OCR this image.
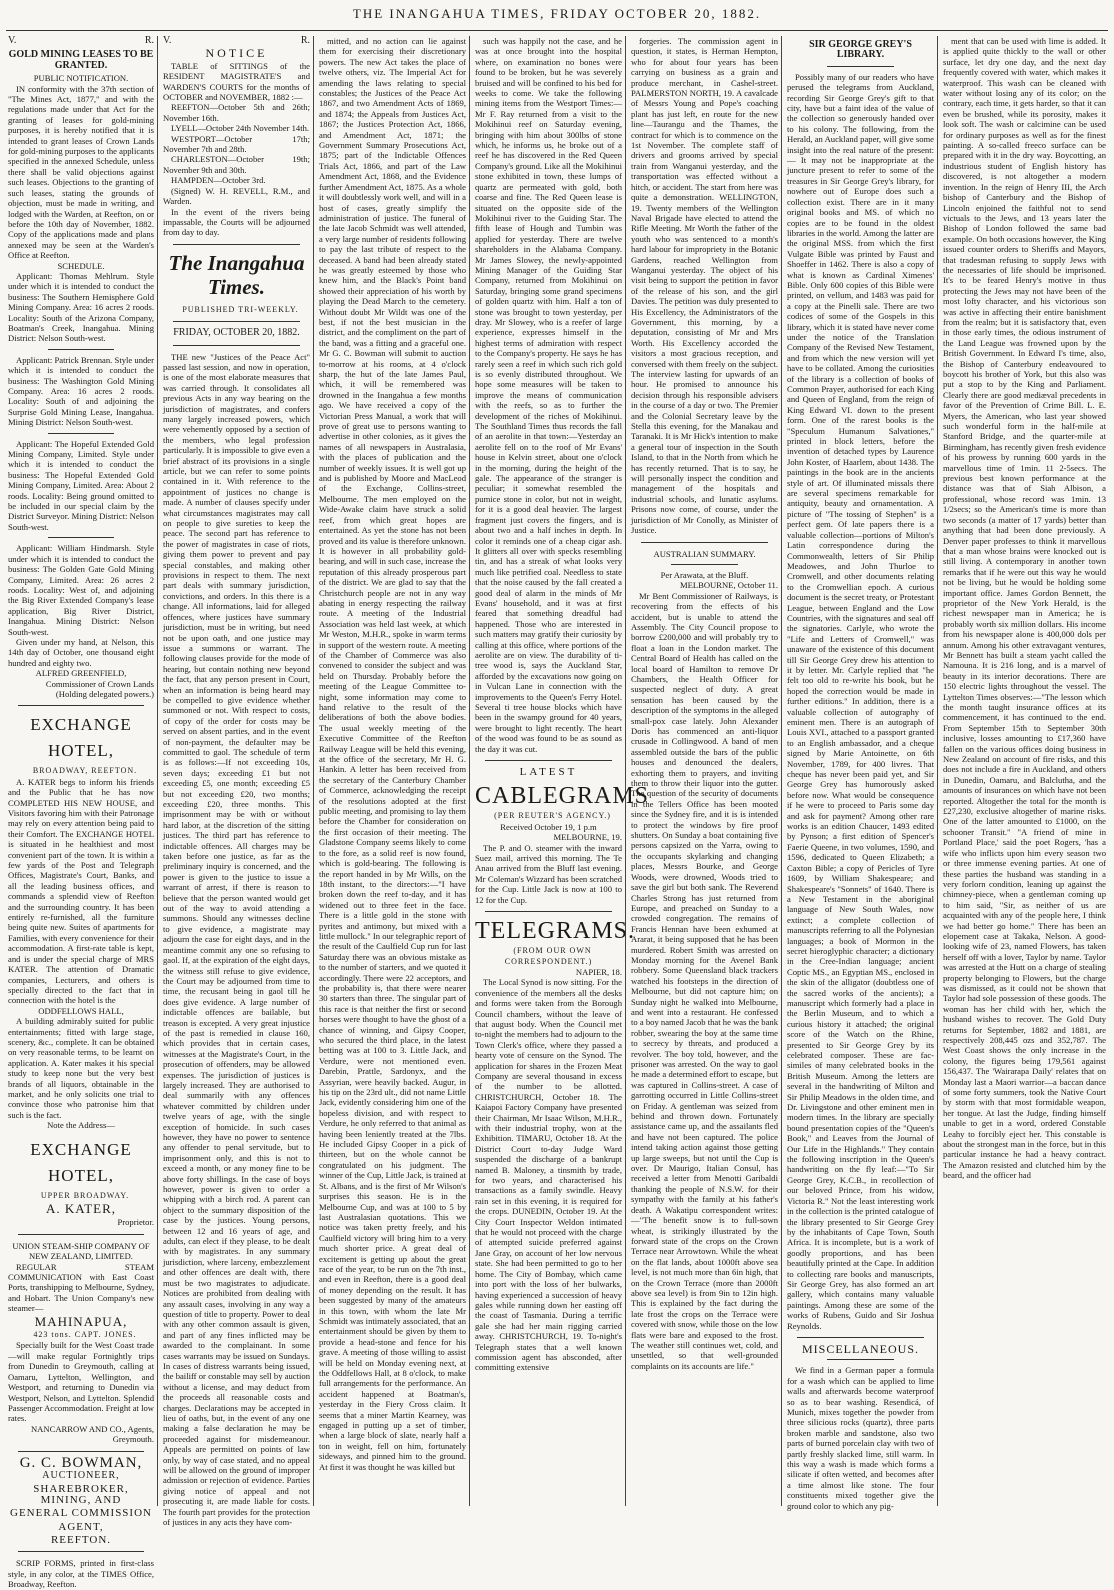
THE INANGAHUA TIMES, FRIDAY OCTOBER 20, 1882.
V.	R.
GOLD MINING LEASES TO BE GRANTED.

PUBLIC NOTIFICATION.

IN conformity with the 37th section of "The Mines Act, 1877," and with the regulations made under that Act for the granting of leases for gold-mining purposes, it is hereby notified that it is intended to grant leases of Crown Lands for gold-mining purposes to the applicants specified in the annexed Schedule, unless there shall be valid objections against such leases. Objections to the granting of such leases, stating the grounds of objection, must be made in writing, and lodged with the Warden, at Reefton, on or before the 10th day of November, 1882. Copy of the applications made and plans annexed may be seen at the Warden's Office at Reefton.

SCHEDULE.

Applicant: Thomas Mehlrum. Style under which it is intended to conduct the business: The Southern Hemisphere Gold Mining Company. Area: 16 acres 2 roods. Locality: South of the Arizona Company, Boatman's Creek, Inangahua. Mining District: Nelson South-west.

Applicant: Patrick Brennan. Style under which it is intended to conduct the business: The Washington Gold Mining Company. Area: 16 acres 2 roods. Locality: South of and adjoining the Surprise Gold Mining Lease, Inangahua. Mining District: Nelson South-west.

Applicant: The Hopeful Extended Gold Mining Company, Limited. Style under which it is intended to conduct the business: The Hopeful Extended Gold Mining Company, Limited. Area: About 2 roods. Locality: Being ground omitted to be included in our special claim by the District Surveyor. Mining District: Nelson South-west.

Applicant: William Hindmarsh. Style under which it is intended to conduct the business: The Golden Gate Gold Mining Company, Limited. Area: 26 acres 2 roods. Locality: West of, and adjoining the Big River Extended Company's lease application, Big River District, Inangahua. Mining District: Nelson South-west.

Given under my hand, at Nelson, this 14th day of October, one thousand eight hundred and eighty two.

ALFRED GREENFIELD,

Commissioner of Crown Lands (Holding delegated powers.)

EXCHANGE HOTEL,

BROADWAY, REEFTON.

A. KATER begs to inform his friends and the Public that he has now COMPLETED HIS NEW HOUSE, and Visitors favoring him with their Patronage may rely on every attention being paid to their Comfort. The EXCHANGE HOTEL is situated in he healthiest and most convenient part of the town. It is within a few yards of the Post and Telegraph Offices, Magistrate's Court, Banks, and all the leading business offices, and commands a splendid view of Reefton and the surrounding country. It has been entirely re-furnished, all the furniture being quite new. Suites of apartments for Families, with every convenience for their accommodation. A first-rate table is kept, and is under the special charge of MRS KATER. The attention of Dramatic companies, Lecturers, and others is specially directed to the fact that in connection with the hotel is the

ODDFELLOWS HALL,

A building admirably suited for public entertainments; fitted with large stage, scenery, &c., complete. It can be obtained on very reasonable terms, to be learnt on application. A. Kater makes it his special study to keep none but the very best brands of all liquors, obtainable in the market, and he only solicits one trial to convince those who patronise him that such is the fact.

Note the Address—

EXCHANGE HOTEL,

UPPER BROADWAY.

A. KATER,

Proprietor.

UNION STEAM-SHIP COMPANY OF NEW ZEALAND, LIMITED.

REGULAR STEAM COMMUNICATION with East Coast Ports, transhipping to Melbourne, Sydney, and Hobart. The Union Company's new steamer—

MAHINAPUA,

423 tons. CAPT. JONES.

Specially built for the West Coast trade—will make regular Fortnightly trips from Dunedin to Greymouth, calling at Oamaru, Lyttelton, Wellington, and Westport, and returning to Dunedin via Westport, Nelson, and Lyttelton. Splendid Passenger Accommodation. Freight at low rates.

NANCARROW AND CO., Agents, Greymouth.

G. C. BOWMAN,
AUCTIONEER,
SHAREBROKER, MINING, AND
GENERAL COMMISSION
AGENT,
REEFTON.

SCRIP FORMS, printed in first-class style, in any color, at the TIMES Office, Broadway, Reefton.

V.	R.
NOTICE

TABLE of SITTINGS of the RESIDENT MAGISTRATE'S and WARDEN'S COURTS for the months of OCTOBER and NOVEMBER, 1882 :—

REEFTON—October 5th and 26th; November 16th.

LYELL—October 24th November 14th.

WESTPORT—October 17th; November 7th and 28th.

CHARLESTON—October 19th; November 9th and 30th.

HAMPDEN—October 3rd.

(Signed) W. H. REVELL, R.M., and Warden.

In the event of the rivers being impassable, the Courts will be adjourned from day to day.

The Inangahua Times.

PUBLISHED TRI-WEEKLY.

FRIDAY, OCTOBER 20, 1882.

THE new "Justices of the Peace Act" passed last session, and now in operation, is one of the most elaborate measures that was carried through. It consolidates all previous Acts in any way bearing on the jurisdiction of magistrates, and confers many largely increased powers, which were vehemently opposed by a section of the members, who legal profession particularly. It is impossible to give even a brief abstract of its provisions in a single article, but we can refer to some points contained in it. With reference to the appointment of justices no change is made. A number of clauses specify under what circumstances magistrates may call on people to give sureties to keep the peace. The second part has reference to the power of magistrates in case of riots, giving them power to prevent and pay special constables, and making other provisions in respect to them. The next part deals with summary jurisdiction, convictions, and orders. In this there is a change. All informations, laid for alleged offences, where justices have summary jurisdiction, must be in writing, but need not be upon oath, and one justice may issue a summons or warrant. The following clauses provide for the mode of hearing, but contain nothing new beyond the fact, that any person present in Court, when an information is being heard may be compelled to give evidence whether summoned or not. With respect to costs, of copy of the order for costs may be served on absent parties, and in the event of non-payment, the defaulter may be committed to gaol. The schedule of term is as follows:—If not exceeding 10s, seven days; exceeding £1 but not exceeding £5, one month; exceeding £5 but not exceeding £20, two months; exceeding £20, three months. This imprisonment may be with or without hard labor, at the discretion of the sitting justices. The third part has reference to indictable offences. All charges may be taken before one justice, as far as the preliminary inquiry is concerned, and the power is given to the justice to issue a warrant of arrest, if there is reason to believe that the person wanted would get out of the way to avoid attending a summons. Should any witnesses decline to give evidence, a magistrate may adjourn the case for eight days, and in the meantime commit any one so refusing to gaol. If, at the expiration of the eight days, the witness still refuse to give evidence, the Court may be adjourned from time to time, the recusant being in gaol till he does give evidence. A large number of indictable offences are bailable, but treason is excepted. A very great injustice of the past is remedied in clause 160, which provides that in certain cases, witnesses at the Magistrate's Court, in the prosecution of offenders, may be allowed expenses. The jurisdiction of justices is largely increased. They are authorised to deal summarily with any offences whatever committed by children under twelve years of age, with the single exception of homicide. In such cases however, they have no power to sentence any offender to penal servitude, but to imprisonment only, and this is not to exceed a month, or any money fine to be above forty shillings. In the case of boys however, power is given to order a whipping with a birch rod. A parent can object to the summary disposition of the case by the justices. Young persons, between 12 and 16 years of age, and adults, can elect if they please, to be dealt with by magistrates. In any summary jurisdiction, where larceny, embezzlement and other offences are dealt with, there must be two magistrates to adjudicate. Notices are prohibited from dealing with any assault cases, involving in any way a question of title to property. Power to deal with any other common assault is given, and part of any fines inflicted may be awarded to the complainant. In some cases warrants may be issued on Sundays. In cases of distress warrants being issued, the bailiff or constable may sell by auction without a license, and may deduct from the proceeds all reasonable costs and charges. Declarations may be accepted in lieu of oaths, but, in the event of any one making a false declaration he may be proceeded against for misdemeanour. Appeals are permitted on points of law only, by way of case stated, and no appeal will be allowed on the ground of improper admission or rejection of evidence. Parties giving notice of appeal and not prosecuting it, are made liable for costs. The fourth part provides for the protection of justices in any acts they have com-

mitted, and no action can lie against them for exercising their discretionary powers. The new Act takes the place of twelve others, viz. The Imperial Act for amending the laws relating to special constables; the Justices of the Peace Act 1867, and two Amendment Acts of 1869, and 1874; the Appeals from Justices Act, 1867; the Justices Protection Act, 1866, and Amendment Act, 1871; the Government Summary Prosecutions Act, 1875; part of the Indictable Offences Trials Act, 1866, and part of the Law Amendment Act, 1868, and the Evidence further Amendment Act, 1875. As a whole it will doubtlessly work well, and will in a host of cases, greatly simplify the administration of justice. The funeral of the late Jacob Schmidt was well attended, a very large number of residents following to pay the last tribute of respect to the deceased. A band had been already stated he was greatly esteemed by those who knew him, and the Black's Point band showed their appreciation of his worth by playing the Dead March to the cemetery. Without doubt Mr Wildt was one of the best, if not the best musician in the district, and the compliment on the part of the band, was a fitting and a graceful one. Mr G. C. Bowman will submit to auction to-morrow at his rooms, at 4 o'clock sharp, the hut of the late James Paul, which, it will be remembered was drowned in the Inangahua a few months ago. We have received a copy of the Victorian Press Manual, a work that will prove of great use to persons wanting to advertise in other colonies, as it gives the names of all newspapers in Australasia, with the places of publication and the number of weekly issues. It is well got up and is published by Moore and MacLeod of the Exchange, Collins-street, Melbourne. The men employed on the Wide-Awake claim have struck a solid reef, from which great hopes are entertained. As yet the stone has not been proved and its value is therefore unknown. It is however in all probability gold-bearing, and will in such case, increase the reputation of this already prosperous part of the district. We are glad to say that the Christchurch people are not in any way abating in energy respecting the railway route. A meeting of the Industrial Association was held last week, at which Mr Weston, M.H.R., spoke in warm terms in support of the western route. A meeting of the Chamber of Commerce was also convened to consider the subject and was held on Thursday. Probably before the meeting of the League Committee to-night, some information may come to hand relative to the result of the deliberations of both the above bodies. The usual weekly meeting of the Executive Committee of the Reefton Railway League will be held this evening, at the office of the secretary, Mr H. G. Hankin. A letter has been received from the secretary of the Canterbury Chamber of Commerce, acknowledging the receipt of the resolutions adopted at the first public meeting, and promising to lay them before the Chamber for consideration on the first occasion of their meeting. The Gladstone Company seems likely to come to the fore, as a solid reef is now found, which is gold-bearing. The following is the report handed in by Mr Wills, on the 18th instant, to the directors:—"I have broken down the reef to-day, and it has widened out to three feet in the face. There is a little gold in the stone with pyrites and antimony, but mixed with a little mullock." In our telegraphic report of the result of the Caulfield Cup run for last Saturday there was an obvious mistake as to the number of starters, and we quoted it accordingly. There were 22 acceptors, and the probability is, that there were nearer 30 starters than three. The singular part of this race is that neither the first or second horses were thought to have the ghost of a chance of winning, and Gipsy Cooper, who secured the third place, in the latest betting was at 100 to 3. Little Jack, and Verdure, were not mentioned even. Darebin, Prattle, Sardonyx, and the Assyrian, were heavily backed. Augur, in his tip on the 23rd ult., did not name Little Jack, evidently considering him one of the hopeless division, and with respect to Verdure, he only referred to that animal as having been leniently treated at the 7lbs. He included Gipsy Cooper in a pick of thirteen, but on the whole cannot be congratulated on his judgment. The winner of the Cup, Little Jack, is trained at St. Albans, and is the first of Mr Wilson's surprises this season. He is in the Melbourne Cup, and was at 100 to 5 by last Australasian quotations. This we notice was taken pretty freely, and his Caulfield victory will bring him to a very much shorter price. A great deal of excitement is getting up about the great race of the year, to be run on the 7th inst., and even in Reefton, there is a good deal of money depending on the result. It has been suggested by many of the amateurs in this town, with whom the late Mr Schmidt was intimately associated, that an entertainment should be given by them to provide a head-stone and fence for his grave. A meeting of those willing to assist will be held on Monday evening next, at the Oddfellows Hall, at 8 o'clock, to make full arrangements for the performance. An accident happened at Boatman's, yesterday in the Fiery Cross claim. It seems that a miner Martin Kearney, was engaged in putting up a set of timber, when a large block of slate, nearly half a ton in weight, fell on him, fortunately sideways, and pinned him to the ground. At first it was thought he was killed but

such was happily not the case, and he was at once brought into the hospital where, on examination no bones were found to be broken, but he was severely bruised and will be confined to his bed for weeks to come. We take the following mining items from the Westport Times:—Mr F. Ray returned from a visit to the Mokihinui reef on Saturday evening, bringing with him about 300lbs of stone which, he informs us, he broke out of a reef he has discovered in the Red Queen Company's ground. Like all the Mokihinui stone exhibited in town, these lumps of quartz are permeated with gold, both coarse and fine. The Red Queen lease is situated on the opposite side of the Mokihinui river to the Guiding Star. The fifth lease of Hough and Tumbin was applied for yesterday. There are twelve shareholders in the Alabama Company. Mr James Slowey, the newly-appointed Mining Manager of the Guiding Star Company, returned from Mokihinui on Saturday, bringing some grand specimens of golden quartz with him. Half a ton of stone was brought to town yesterday, per dray. Mr Slowey, who is a reefer of large experience, expresses himself in the highest terms of admiration with respect to the Company's property. He says he has rarely seen a reef in which such rich gold is so evenly distributed throughout. We hope some measures will be taken to improve the means of communication with the reefs, so as to further the development of the riches of Mokihinui. The Southland Times thus records the fall of an aerolite in that town:—Yesterday an aerolite fell on to the roof of Mr Evans' house in Kelvin street, about one o'clock in the morning, during the height of the gale. The appearance of the stranger is peculiar; it somewhat resembled the pumice stone in color, but not in weight, for it is a good deal heavier. The largest fragment just covers the fingers, and is about two and a half inches in depth. In color it reminds one of a cheap cigar ash. It glitters all over with specks resembling tin, and has a streak of what looks very much like petrified coal. Needless to state that the noise caused by the fall created a good deal of alarm in the minds of Mr Evans' household, and it was at first feared that something dreadful had happened. Those who are interested in such matters may gratify their curiosity by calling at this office, where portions of the aerolite are on view. The durability of ti-tree wood is, says the Auckland Star, afforded by the excavations now going on in Vulcan Lane in connection with the improvements to the Queen's Ferry Hotel. Several ti tree house blocks which have been in the swampy ground for 40 years, were brought to light recently. The heart of the wood was found to be as sound as the day it was cut.

LATEST

CABLEGRAMS

(PER REUTER'S AGENCY.)

Received October 19, 1 p.m

MELBOURNE, 19.

The P. and O. steamer with the inward Suez mail, arrived this morning. The Te Anau arrived from the Bluff last evening. Mr Coleman's Wizzard has been scratched for the Cup. Little Jack is now at 100 to 12 for the Cup.

TELEGRAMS.

(FROM OUR OWN CORRESPONDENT.)

NAPIER, 18.

The Local Synod is now sitting. For the convenience of the members all the desks and forms were taken from the Borough Council chambers, without the leave of that august body. When the Council met to-night the members had to adjourn to the Town Clerk's office, where they passed a hearty vote of censure on the Synod. The application for shares in the Frozen Meat Company are several thousand in excess of the number to be allotted. CHRISTCHURCH, October 18. The Kaiapoi Factory Company have presented their Chairman, Mr Isaac Wilson, M.H.R., with their industrial trophy, won at the Exhibition. TIMARU, October 18. At the District Court to-day Judge Ward suspended the discharge of a bankrupt named B. Maloney, a tinsmith by trade, for two years, and characterised his transactions as a family swindle. Heavy rain set in this evening, it is required for the crops. DUNEDIN, October 19. At the City Court Inspector Weldon intimated that he would not proceed with the charge of attempted suicide preferred against Jane Gray, on account of her low nervous state. She had been permitted to go to her home. The City of Bombay, which came into port with the loss of her bulwarks, having experienced a succession of heavy gales while running down her easting off the coast of Tasmania. During a terrific gale she had her main rigging carried away. CHRISTCHURCH, 19. To-night's Telegraph states that a well known commission agent has absconded, after committing extensive

forgeries. The commission agent in question, it states, is Herman Hempton, who for about four years has been carrying on business as a grain and produce merchant, in Cashel-street. PALMERSTON NORTH, 19. A cavalcade of Messrs Young and Pope's coaching plant has just left, en route for the new line—Taurangu and the Thames, the contract for which is to commence on the 1st November. The complete staff of drivers and grooms arrived by special train from Wanganui yesterday, and the transportation was effected without a hitch, or accident. The start from here was quite a demonstration. WELLINGTON, 19. Twenty members of the Wellington Naval Brigade have elected to attend the Rifle Meeting. Mr Worth the father of the youth who was sentenced to a month's hard labour for impropriety in the Botanic Gardens, reached Wellington from Wanganui yesterday. The object of his visit being to support the petition in favor of the release of his son, and the girl Davies. The petition was duly presented to His Excellency, the Administrators of the Government, this morning, by a deputation, consisting of Mr and Mrs Worth. His Excellency accorded the visitors a most gracious reception, and conversed with them freely on the subject. The interview lasting for upwards of an hour. He promised to announce his decision through his responsible advisers in the course of a day or two. The Premier and the Colonial Secretary leave by the Stella this evening, for the Manakau and Taranaki. It is Mr Hick's intention to make a general tour of inspection in the South Island, to that in the North from which he has recently returned. That is to say, he will personally inspect the condition and management of the hospitals and industrial schools, and lunatic asylums. Prisons now come, of course, under the jurisdiction of Mr Conolly, as Minister of Justice.

AUSTRALIAN SUMMARY.

Per Arawata, at the Bluff.

MELBOURNE, October 11.

Mr Bent Commissioner of Railways, is recovering from the effects of his accident, but is unable to attend the Assembly. The City Council propose to borrow £200,000 and will probably try to float a loan in the London market. The Central Board of Health has called on the local board of Hamilton to remove Dr Chambers, the Health Officer for suspected neglect of duty. A great sensation has been caused by the description of the symptoms in the alleged small-pox case lately. John Alexander Doris has commenced an anti-liquor crusade in Collingwood. A band of men assembled outside the bars of the public houses and denounced the dealers, exhorting them to prayers, and inviting them to throw their liquor into the gutter. The question of the security of documents in the Tellers Office has been mooted since the Sydney fire, and it is is intended to protect the windows by fire proof shutters. On Sunday a boat containing five persons capsized on the Yarra, owing to the occupants skylarking and changing places, Messrs Bourke, and George Woods, were drowned, Woods tried to save the girl but both sank. The Reverend Charles Strong has just returned from Europe, and preached on Sunday to a crowded congregation. The remains of Francis Hennan have been exhumed at Ararat, it being supposed that he has been murdered. Robert Smith was arrested on Monday morning for the Avenel Bank robbery. Some Queensland black trackers watched his footsteps in the direction of Melbourne, but did not capture him; on Sunday night he walked into Melbourne, and went into a restaurant. He confessed to a boy named Jacob that he was the bank robber, swearing the boy at the same time to secrecy by threats, and produced a revolver. The boy told, however, and the prisoner was arrested. On the way to gaol he made a determined effort to escape, but was captured in Collins-street. A case of garrotting occurred in Little Collins-street on Friday. A gentleman was seized from behind and thrown down. Fortunately assistance came up, and the assailants fled and have not been captured. The police intend taking action against those getting up large sweeps, but not until the Cup is over. Dr Maurigo, Italian Consul, has received a letter from Menotti Garibaldi thanking the people of N.S.W. for their sympathy with the family at his father's death. A Wakatipu correspondent writes:—"The benefit snow is to full-sown wheat, is strikingly illustrated by the forward state of the crops on the Crown Terrace near Arrowtown. While the wheat on the flat lands, about 1000ft above sea level, is not much more than 6in high, that on the Crown Terrace (more than 2000ft above sea level) is from 9in to 12in high. This is explained by the fact during the late frost the crops on the Terrace were covered with snow, while those on the low flats were bare and exposed to the frost. The weather still continues wet, cold, and unsettled, so that well-grounded complaints on its accounts are life."

SIR GEORGE GREY'S LIBRARY.

Possibly many of our readers who have perused the telegrams from Auckland, recording Sir George Grey's gift to that city, have but a faint idea of the value of the collection so generously handed over to his colony. The following, from the Herald, an Auckland paper, will give some insight into the real nature of the present:— It may not be inappropriate at the juncture present to refer to some of the treasures in Sir George Grey's library, for nowhere out of Europe does such a collection exist. There are in it many original books and MS. of which no copies are to be found in the oldest libraries in the world. Among the latter are the original MSS. from which the first Vulgate Bible was printed by Faust and Shoeffer in 1462. There is also a copy of what is known as Cardinal Ximenes' Bible. Only 600 copies of this Bible were printed, on vellum, and 1483 was paid for a copy at the Pinelli sale. There are two codices of some of the Gospels in this library, which it is stated have never come under the notice of the Translation Company of the Revised New Testament, and from which the new version will yet have to be collated. Among the curiosities of the library is a collection of books of Common Prayer, authorised for each King and Queen of England, from the reign of King Edward VI. down to the present form. One of the rarest books is the "Speculum Humanum Salvationes," printed in block letters, before the invention of detached types by Laurence John Koster, of Haarlem, about 1438. The paintings in the book are in the ancients style of art. Of illuminated missals there are several specimens remarkable for antiquity, beauty and ornamentation. A picture of "The tossing of Stephen" is a perfect gem. Of late papers there is a valuable collection—portions of Milton's Latin correspondence during the Commonwealth, letters of Sir Philip Meadowes, and John Thurloe to Cromwell, and other documents relating to the Cromwellian epoch. A curious document is the secret treaty, or Protestant League, between England and the Low Countries, with the signatures and seal off the signatories. Carlyle, who wrote the "Life and Letters of Cromwell," was unaware of the existence of this document till Sir George Grey drew his attention to it by letter. Mr. Carlyle replied that "he felt too old to re-write his book, but he hoped the correction would be made in further editions." In addition, there is a valuable collection of autography of eminent men. There is an autograph of Louis XVI., attached to a passport granted to an English ambassador, and a cheque signed by Marie Antoinette, on 6th November, 1789, for 400 livres. That cheque has never been paid yet, and Sir George Grey has humorously asked before now. What would be consequence if he were to proceed to Paris some day and ask for payment? Among other rare works is an edition Chaucer, 1493 edited by Pynson; a first edition of Spencer's Faerie Queene, in two volumes, 1590, and 1596, dedicated to Queen Elizabeth; a Caxton Bible; a copy of Pericles of Tyre 1609, by William Shakespeare; and Shakespeare's "Sonnets" of 1640. There is a New Testament in the aboriginal language of New South Wales, now extinct; a complete collection of manuscripts referring to all the Polynesian languages; a book of Mormon in the secret hieroglyphic character; a dictionary in the Cree-Indian language; ancient Coptic MS., an Egyptian MS., enclosed in the skin of the alligator (doubtless one of the sacred works of the ancients); a manuscript which formerly had a place in the Berlin Museum, and to which a curious history it attached; the original score of the Watch on the Rhine, presented to Sir George Grey by its celebrated composer. These are fac-similes of many celebrated books in the British Museum. Among the letters are several in the handwriting of Milton and Sir Philip Meadows in the olden time, and Dr. Livingstone and other eminent men in modern times. In the library are specially bound presentation copies of the "Queen's Book," and Leaves from the Journal of Our Life in the Highlands." They contain the following inscription in the Queen's handwriting on the fly leaf:—"To Sir George Grey, K.C.B., in recollection of our beloved Prince, from his widow, Victoria R." Not the least interesting work in the collection is the printed catalogue of the library presented to Sir George Grey by the inhabitants of Cape Town, South Africa. It is incomplete, but is a work of goodly proportions, and has been beautifully printed at the Cape. In addition to collecting rare books and manuscripts, Sir George Grey, has also formed an art gallery, which contains many valuable paintings. Among these are some of the works of Rubens, Guido and Sir Joshua Reynolds.

MISCELLANEOUS.

We find in a German paper a formula for a wash which can be applied to lime walls and afterwards become waterproof so as to bear washing. Resendicá, of Munich, mixes together the powder from three silicious rocks (quartz), three parts broken marble and sandstone, also two parts of burned porcelain clay with two of partly freshly slacked lime, still warm. In this way a wash is made which forms a silicate if often wetted, and becomes after a time almost like stone. The four constituents mixed together give the ground color to which any pig-

ment that can be used with lime is added. It is applied quite thickly to the wall or other surface, let dry one day, and the next day frequently covered with water, which makes it waterproof. This wash can be cleaned with water without losing any of its color; on the contrary, each time, it gets harder, so that it can even be brushed, while its porosity, makes it look soft. The wash or calcimine can be used for ordinary purposes as well as for the finest painting. A so-called freeco surface can be prepared with it in the dry way. Boycotting, an industrious student of English history has discovered, is not altogether a modern invention. In the reign of Henry III, the Arch bishop of Canterbury and the Bishop of Lincoln enjoined the faithful not to send victuals to the Jews, and 13 years later the Bishop of London followed the same bad example. On both occasions however, the King issued counter orders to Sheriffs and Mayors, that tradesman refusing to supply Jews with the necessaries of life should be imprisoned. It's to be feared Henry's motive in thus protecting the Jews may not have been of the most lofty character, and his victorious son was active in affecting their entire banishment from the realm; but it is satisfactory that, even in those early times, the odious instrument of the Land League was frowned upon by the British Government. In Edward I's time, also, the Bishop of Canterbury endeavoured to boycott his brother of York, but this also was put a stop to by the King and Parliament. Clearly there are good mediæval precedents in favor of the Prevention of Crime Bill. L. E. Myers, the American, who last year showed such wonderful form in the half-mile at Stanford Bridge, and the quarter-mile at Birmingham, has recently given fresh evidence of his prowess by running 600 yards in the marvellous time of 1min. 11 2-5secs. The previous best known performance at the distance was that of Siah Albison, a professional, whose record was 1min. 13 1/2secs; so the American's time is more than two seconds (a matter of 17 yards) better than anything that had been done previously. A Denver paper professes to think it marvellous that a man whose brains were knocked out is still living. A contemporary in another town remarks that if he were out this way he would not be living, but he would be holding some important office. James Gordon Bennett, the proprietor of the New York Herald, is the richest newspaper man in America; he is probably worth six million dollars. His income from his newspaper alone is 400,000 dols per annum. Among his other extravagant ventures, Mr Bennett has built a steam yacht called the Namouna. It is 216 long, and is a marvel of beauty in its interior decorations. There are 150 electric lights throughout the vessel. The Lyttelton Times observes:—"The lesson which the month taught insurance offices at its commencement, it has continued to the end. From September 15th to September 30th inclusive, losses amounting to £17,360 have fallen on the various offices doing business in New Zealand on account of fire risks, and this does not include a fire in Auckland, and others in Dunedin, Oamaru, and Balclutha, and the amounts of insurances on which have not been reported. Altogether the total for the month is £27,230, exclusive altogether of marine risks. One of the latter amounted to £1000, on the schooner Transit." "A friend of mine in Portland Place,' said the poet Rogers, 'has a wife who inflicts upon him every season two or three immense evening parties. At one of these parties the husband was standing in a very forlorn condition, leaning up against the chimney-piece, when a gentleman coming up to him said, "Sir, as neither of us are acquainted with any of the people here, I think we had better go home." There has been an elopement case at Takaka, Nelson. A good-looking wife of 23, named Flowers, has taken herself off with a lover, Taylor by name. Taylor was arrested at the Hutt on a charge of stealing property belonging to Flowers, but the charge was dismissed, as it could not be shown that Taylor had sole possession of these goods. The woman has her child with her, which the husband wishes to recover. The Gold Duty returns for September, 1882 and 1881, are respectively 208,445 ozs and 352,787. The West Coast shows the only increase in the colony, the figures being 179,561 against 156,437. The 'Wairarapa Daily' relates that on Monday last a Maori warrior—a baccan dance of some forty summers, took the Native Court by storm with that most formidable weapon, her tongue. At last the Judge, finding himself unable to get in a word, ordered Constable Leahy to forcibly eject her. This constable is about the strongest man in the force, but in this particular instance he had a heavy contract. The Amazon resisted and clutched him by the beard, and the officer had
